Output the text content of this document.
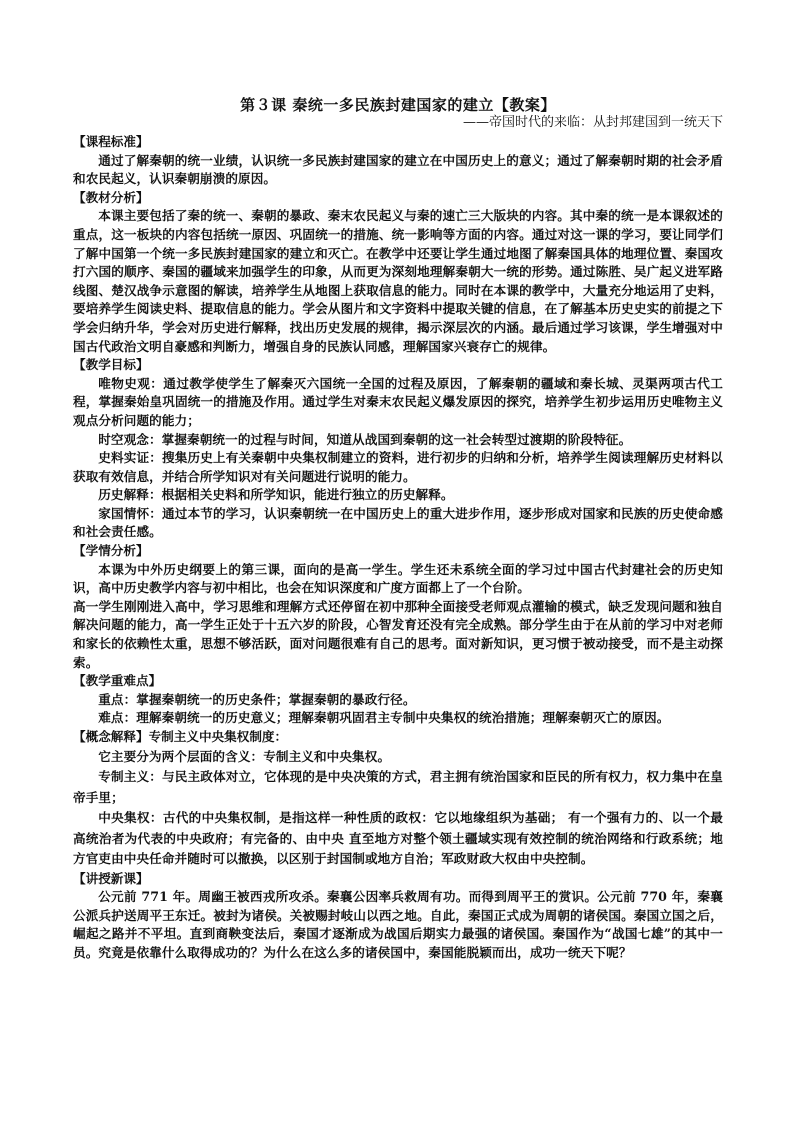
第３课 秦统一多民族封建国家的建立【教案】

——帝国时代的来临：从封邦建国到一统天下

【课程标准】

通过了解秦朝的统一业绩，认识统一多民族封建国家的建立在中国历史上的意义；通过了解秦朝时期的社会矛盾和农民起义，认识秦朝崩溃的原因。

【教材分析】

本课主要包括了秦的统一、秦朝的暴政、秦末农民起义与秦的速亡三大版块的内容。其中秦的统一是本课叙述的重点，这一板块的内容包括统一原因、巩固统一的措施、统一影响等方面的内容。通过对这一课的学习，要让同学们了解中国第一个统一多民族封建国家的建立和灭亡。在教学中还要让学生通过地图了解秦国具体的地理位置、秦国攻打六国的顺序、秦国的疆域来加强学生的印象，从而更为深刻地理解秦朝大一统的形势。通过陈胜、吴广起义进军路线图、楚汉战争示意图的解读，培养学生从地图上获取信息的能力。同时在本课的教学中，大量充分地运用了史料，要培养学生阅读史料、提取信息的能力。学会从图片和文字资料中提取关键的信息，在了解基本历史史实的前提之下学会归纳升华，学会对历史进行解释，找出历史发展的规律，揭示深层次的内涵。最后通过学习该课，学生增强对中国古代政治文明自豪感和判断力，增强自身的民族认同感，理解国家兴衰存亡的规律。

【教学目标】

唯物史观：通过教学使学生了解秦灭六国统一全国的过程及原因，了解秦朝的疆域和秦长城、灵渠两项古代工程，掌握秦始皇巩固统一的措施及作用。通过学生对秦末农民起义爆发原因的探究，培养学生初步运用历史唯物主义观点分析问题的能力；

时空观念：掌握秦朝统一的过程与时间，知道从战国到秦朝的这一社会转型过渡期的阶段特征。

史料实证：搜集历史上有关秦朝中央集权制建立的资料，进行初步的归纳和分析，培养学生阅读理解历史材料以获取有效信息，并结合所学知识对有关问题进行说明的能力。

历史解释：根据相关史料和所学知识，能进行独立的历史解释。

家国情怀：通过本节的学习，认识秦朝统一在中国历史上的重大进步作用，逐步形成对国家和民族的历史使命感和社会责任感。

【学情分析】

本课为中外历史纲要上的第三课，面向的是高一学生。学生还未系统全面的学习过中国古代封建社会的历史知识，高中历史教学内容与初中相比，也会在知识深度和广度方面都上了一个台阶。

高一学生刚刚进入高中，学习思维和理解方式还停留在初中那种全面接受老师观点灌输的模式，缺乏发现问题和独自解决问题的能力，高一学生正处于十五六岁的阶段，心智发育还没有完全成熟。部分学生由于在从前的学习中对老师和家长的依赖性太重，思想不够活跃，面对问题很难有自己的思考。面对新知识，更习惯于被动接受，而不是主动探索。

【教学重难点】

重点：掌握秦朝统一的历史条件；掌握秦朝的暴政行径。

难点：理解秦朝统一的历史意义；理解秦朝巩固君主专制中央集权的统治措施；理解秦朝灭亡的原因。

【概念解释】专制主义中央集权制度：

它主要分为两个层面的含义：专制主义和中央集权。

专制主义：与民主政体对立，它体现的是中央决策的方式，君主拥有统治国家和臣民的所有权力，权力集中在皇帝手里；

中央集权：古代的中央集权制，是指这样一种性质的政权：它以地缘组织为基础； 有一个强有力的、以一个最高统治者为代表的中央政府；有完备的、由中央 直至地方对整个领土疆域实现有效控制的统治网络和行政系统；地方官吏由中央任命并随时可以撤换，以区别于封国制或地方自治；军政财政大权由中央控制。

【讲授新课】

公元前 771 年。周幽王被西戎所攻杀。秦襄公因率兵救周有功。而得到周平王的赏识。公元前 770 年，秦襄公派兵护送周平王东迁。被封为诸侯。关被赐封岐山以西之地。自此，秦国正式成为周朝的诸侯国。秦国立国之后，崛起之路并不平坦。直到商鞅变法后，秦国才逐渐成为战国后期实力最强的诸侯国。秦国作为“战国七雄”的其中一员。究竟是依靠什么取得成功的？为什么在这么多的诸侯国中，秦国能脱颖而出，成功一统天下呢？
